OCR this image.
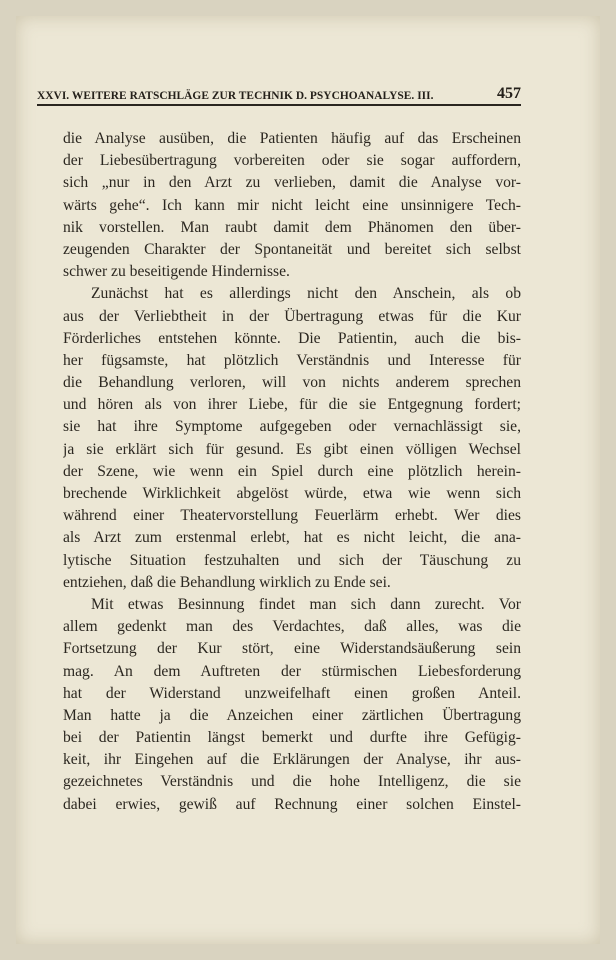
XXVI. WEITERE RATSCHLÄGE ZUR TECHNIK D. PSYCHOANALYSE. III.	457
die Analyse ausüben, die Patienten häufig auf das Erscheinen
der Liebesübertragung vorbereiten oder sie sogar auffordern,
sich „nur in den Arzt zu verlieben, damit die Analyse vor-
wärts gehe“. Ich kann mir nicht leicht eine unsinnigere Tech-
nik vorstellen. Man raubt damit dem Phänomen den über-
zeugenden Charakter der Spontaneität und bereitet sich selbst
schwer zu beseitigende Hindernisse.
Zunächst hat es allerdings nicht den Anschein, als ob
aus der Verliebtheit in der Übertragung etwas für die Kur
Förderliches entstehen könnte. Die Patientin, auch die bis-
her fügsamste, hat plötzlich Verständnis und Interesse für
die Behandlung verloren, will von nichts anderem sprechen
und hören als von ihrer Liebe, für die sie Entgegnung fordert;
sie hat ihre Symptome aufgegeben oder vernachlässigt sie,
ja sie erklärt sich für gesund. Es gibt einen völligen Wechsel
der Szene, wie wenn ein Spiel durch eine plötzlich herein-
brechende Wirklichkeit abgelöst würde, etwa wie wenn sich
während einer Theatervorstellung Feuerlärm erhebt. Wer dies
als Arzt zum erstenmal erlebt, hat es nicht leicht, die ana-
lytische Situation festzuhalten und sich der Täuschung zu
entziehen, daß die Behandlung wirklich zu Ende sei.
Mit etwas Besinnung findet man sich dann zurecht. Vor
allem gedenkt man des Verdachtes, daß alles, was die
Fortsetzung der Kur stört, eine Widerstandsäußerung sein
mag. An dem Auftreten der stürmischen Liebesforderung
hat der Widerstand unzweifelhaft einen großen Anteil.
Man hatte ja die Anzeichen einer zärtlichen Übertragung
bei der Patientin längst bemerkt und durfte ihre Gefügig-
keit, ihr Eingehen auf die Erklärungen der Analyse, ihr aus-
gezeichnetes Verständnis und die hohe Intelligenz, die sie
dabei erwies, gewiß auf Rechnung einer solchen Einstel-
